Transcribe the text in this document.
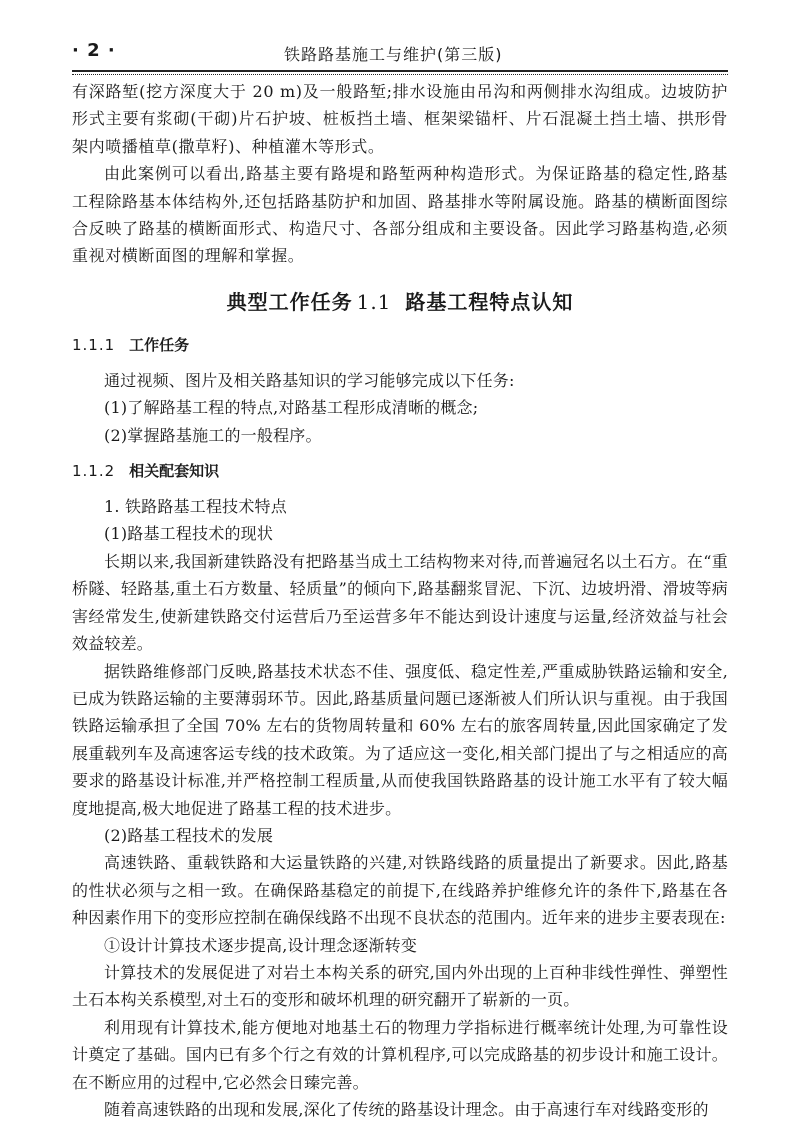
· 2 ·	铁路路基施工与维护(第三版)

有深路堑(挖方深度大于 20 m)及一般路堑;排水设施由吊沟和两侧排水沟组成。边坡防护形式主要有浆砌(干砌)片石护坡、桩板挡土墙、框架梁锚杆、片石混凝土挡土墙、拱形骨架内喷播植草(撒草籽)、种植灌木等形式。

由此案例可以看出,路基主要有路堤和路堑两种构造形式。为保证路基的稳定性,路基工程除路基本体结构外,还包括路基防护和加固、路基排水等附属设施。路基的横断面图综合反映了路基的横断面形式、构造尺寸、各部分组成和主要设备。因此学习路基构造,必须重视对横断面图的理解和掌握。

典型工作任务 1.1 路基工程特点认知
1.1.1 工作任务

通过视频、图片及相关路基知识的学习能够完成以下任务:

(1)了解路基工程的特点,对路基工程形成清晰的概念;

(2)掌握路基施工的一般程序。

1.1.2 相关配套知识

1. 铁路路基工程技术特点

(1)路基工程技术的现状

长期以来,我国新建铁路没有把路基当成土工结构物来对待,而普遍冠名以土石方。在“重桥隧、轻路基,重土石方数量、轻质量”的倾向下,路基翻浆冒泥、下沉、边坡坍滑、滑坡等病害经常发生,使新建铁路交付运营后乃至运营多年不能达到设计速度与运量,经济效益与社会效益较差。

据铁路维修部门反映,路基技术状态不佳、强度低、稳定性差,严重威胁铁路运输和安全,已成为铁路运输的主要薄弱环节。因此,路基质量问题已逐渐被人们所认识与重视。由于我国铁路运输承担了全国 70% 左右的货物周转量和 60% 左右的旅客周转量,因此国家确定了发展重载列车及高速客运专线的技术政策。为了适应这一变化,相关部门提出了与之相适应的高要求的路基设计标准,并严格控制工程质量,从而使我国铁路路基的设计施工水平有了较大幅度地提高,极大地促进了路基工程的技术进步。

(2)路基工程技术的发展

高速铁路、重载铁路和大运量铁路的兴建,对铁路线路的质量提出了新要求。因此,路基的性状必须与之相一致。在确保路基稳定的前提下,在线路养护维修允许的条件下,路基在各种因素作用下的变形应控制在确保线路不出现不良状态的范围内。近年来的进步主要表现在:

①设计计算技术逐步提高,设计理念逐渐转变

计算技术的发展促进了对岩土本构关系的研究,国内外出现的上百种非线性弹性、弹塑性土石本构关系模型,对土石的变形和破坏机理的研究翻开了崭新的一页。

利用现有计算技术,能方便地对地基土石的物理力学指标进行概率统计处理,为可靠性设计奠定了基础。国内已有多个行之有效的计算机程序,可以完成路基的初步设计和施工设计。在不断应用的过程中,它必然会日臻完善。

随着高速铁路的出现和发展,深化了传统的路基设计理念。由于高速行车对线路变形的
